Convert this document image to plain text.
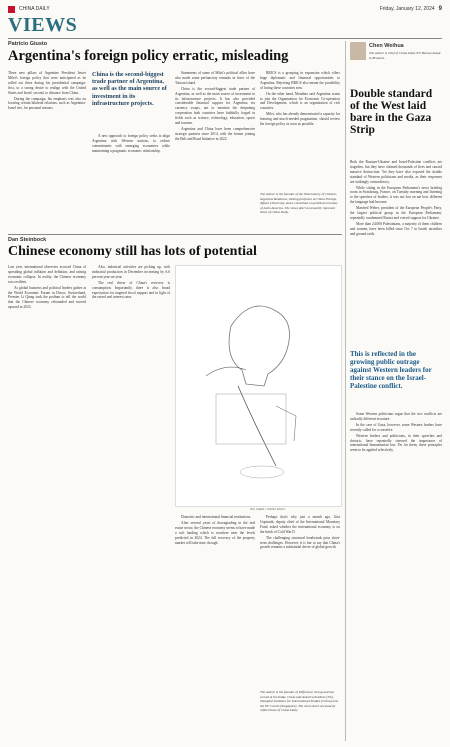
CHINA DAILY	Friday, January 12, 2024 9
VIEWS
Patricio Giusto
Argentina's foreign policy erratic, misleading

Three new pillars of Argentine President Javier Milei's foreign policy that were anticipated as he rolled out three during his presidential campaign: first, to a strong desire to realign with the United States and Israel; second, to distance from China.

During the campaign, his emphasis was also on locating certain bilateral relations, such as Argentina-Israel ties, for personal reasons.

China is the second-biggest trade partner of Argentina, as well as the main source of investment in its infrastructure projects.

A new approach to foreign policy seeks to align Argentina with Western nations, to reduce commitments with emerging economies while maintaining a pragmatic economic relationship.

Statements of some of Milei's political allies have also made some perfunctory remarks in favor of the Taiwan island.

China is the second-biggest trade partner of Argentina, as well as the main source of investment in its infrastructure projects. It has also provided considerable financial support for Argentina via currency swaps, not to mention the deepening cooperation both countries have faithfully forged in fields such as science, technology, education, sports and tourism.

Argentina and China have been comprehensive strategic partners since 2014, with the former joining the Belt and Road Initiative in 2022.

BRICS is a grouping in expansion which offers huge diplomatic and financial opportunities to Argentina. Rejecting BRICS also meant the possibility of losing these countries now.

On the other hand, Mondino said Argentina wants to join the Organization for Economic Co-operation and Development, which is an organization of rich countries.

Milei, who has already demonstrated a capacity for learning and much-needed pragmatism, should review his foreign policy as soon as possible.

The author is the founder of the Observatory of Chinese-Argentine Relations, visiting professor at China Foreign Affairs University, and a consultant on political economy of Latin America. The views don't necessarily represent those of China Daily.
Dan Steinbock
Chinese economy still has lots of potential

Last year, international observers accused China of spreading global inflation and deflation, and raising economic collapse. In reality, the Chinese economy was resilient.

As global business and political leaders gather at the World Economic Forum in Davos, Switzerland, Premier Li Qiang took the podium to tell the world that the Chinese economy rebounded and moved upward in 2023.

Also, industrial activities are picking up, with industrial production in December increasing by 6.6 percent year-on-year.

The real driver of China's recovery is consumption. Importantly, there is also broad expectation for targeted fiscal support and in light of the raised real interest rates.

WU CHEN / CHINA DAILY

Domestic and international financial institutions.

After several years of downgrading in the real estate sector, the Chinese economy seems to have made a soft landing which is nowhere near the levels predicted in 2024. The full recovery of the property market will take time, though.

Perhaps that's why just a month ago, Gita Gopinath, deputy chief of the International Monetary Fund, asked whether the international economy is on the brink of Cold War II.

The challenging structural headwinds pose short-term challenges. However, it is fair to say that China's growth remains a substantial driver of global growth.

The author is the founder of Difference Group and has served at the India, China and America Institute (US), Shanghai Institutes for International Studies (China) and the EU Centre (Singapore). The views don't necessarily reflect those of China Daily.
Chen Weihua
The author is chief of China Daily EU Bureau based in Brussels.
Double standard of the West laid bare in the Gaza Strip

Both the Russian-Ukraine and Israel-Palestine conflicts are tragedies, but they have claimed thousands of lives and caused massive destruction. Yet they have also exposed the double standard of Western politicians and media, as their responses are strikingly contradictory.

While sitting in the European Parliament's news briefing room in Strasbourg, France, on Tuesday morning and listening to the speeches of leaders, it was not lost on me how different the language had become.

Manfred Weber, president of the European People's Party, the largest political group in the European Parliament, repeatedly condemned Russia and voiced support for Ukraine.

More than 24,000 Palestinians, a majority of them children and women, have been killed since Oct 7 in Israeli airstrikes and ground raids.

This is reflected in the growing public outrage against Western leaders for their stance on the Israel-Palestine conflict.

Some Western politicians argue that the two conflicts are radically different in nature.

In the case of Gaza, however, some Western leaders have recently called for a ceasefire.

Western leaders and politicians, in their speeches and rhetoric, have repeatedly stressed the importance of international humanitarian law. Yet for them, these principles seem to be applied selectively.
